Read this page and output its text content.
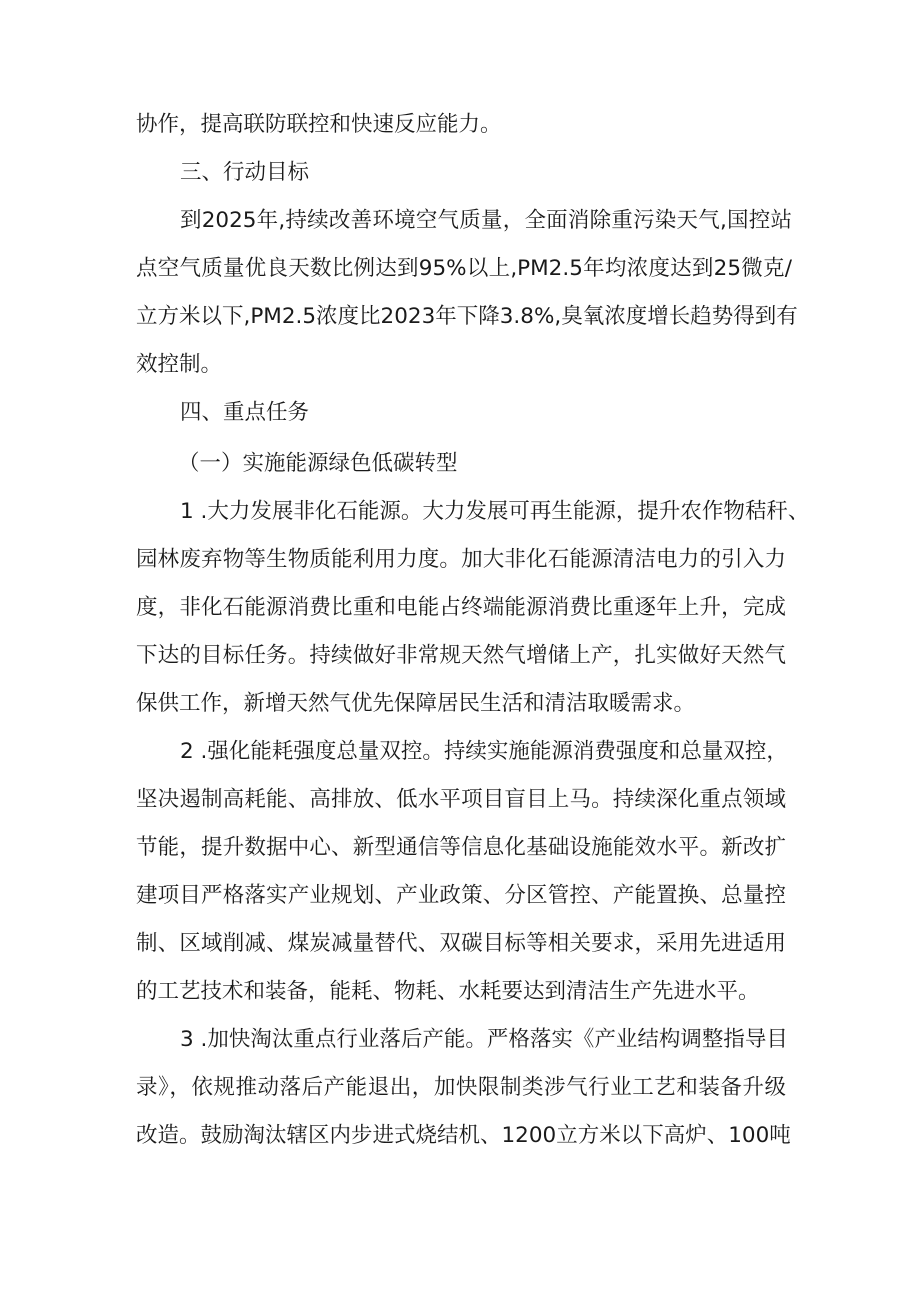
协作，提高联防联控和快速反应能力。
三、行动目标
到2025年,持续改善环境空气质量，全面消除重污染天气,国控站
点空气质量优良天数比例达到95%以上,PM2.5年均浓度达到25微克/
立方米以下,PM2.5浓度比2023年下降3.8%,臭氧浓度增长趋势得到有
效控制。
四、重点任务
（一）实施能源绿色低碳转型
1 .大力发展非化石能源。大力发展可再生能源，提升农作物秸秆、
园林废弃物等生物质能利用力度。加大非化石能源清洁电力的引入力
度，非化石能源消费比重和电能占终端能源消费比重逐年上升，完成
下达的目标任务。持续做好非常规天然气增储上产，扎实做好天然气
保供工作，新增天然气优先保障居民生活和清洁取暖需求。
2 .强化能耗强度总量双控。持续实施能源消费强度和总量双控，
坚决遏制高耗能、高排放、低水平项目盲目上马。持续深化重点领域
节能，提升数据中心、新型通信等信息化基础设施能效水平。新改扩
建项目严格落实产业规划、产业政策、分区管控、产能置换、总量控
制、区域削减、煤炭减量替代、双碳目标等相关要求，采用先进适用
的工艺技术和装备，能耗、物耗、水耗要达到清洁生产先进水平。
3 .加快淘汰重点行业落后产能。严格落实《产业结构调整指导目
录》，依规推动落后产能退出，加快限制类涉气行业工艺和装备升级
改造。鼓励淘汰辖区内步进式烧结机、1200立方米以下高炉、100吨
